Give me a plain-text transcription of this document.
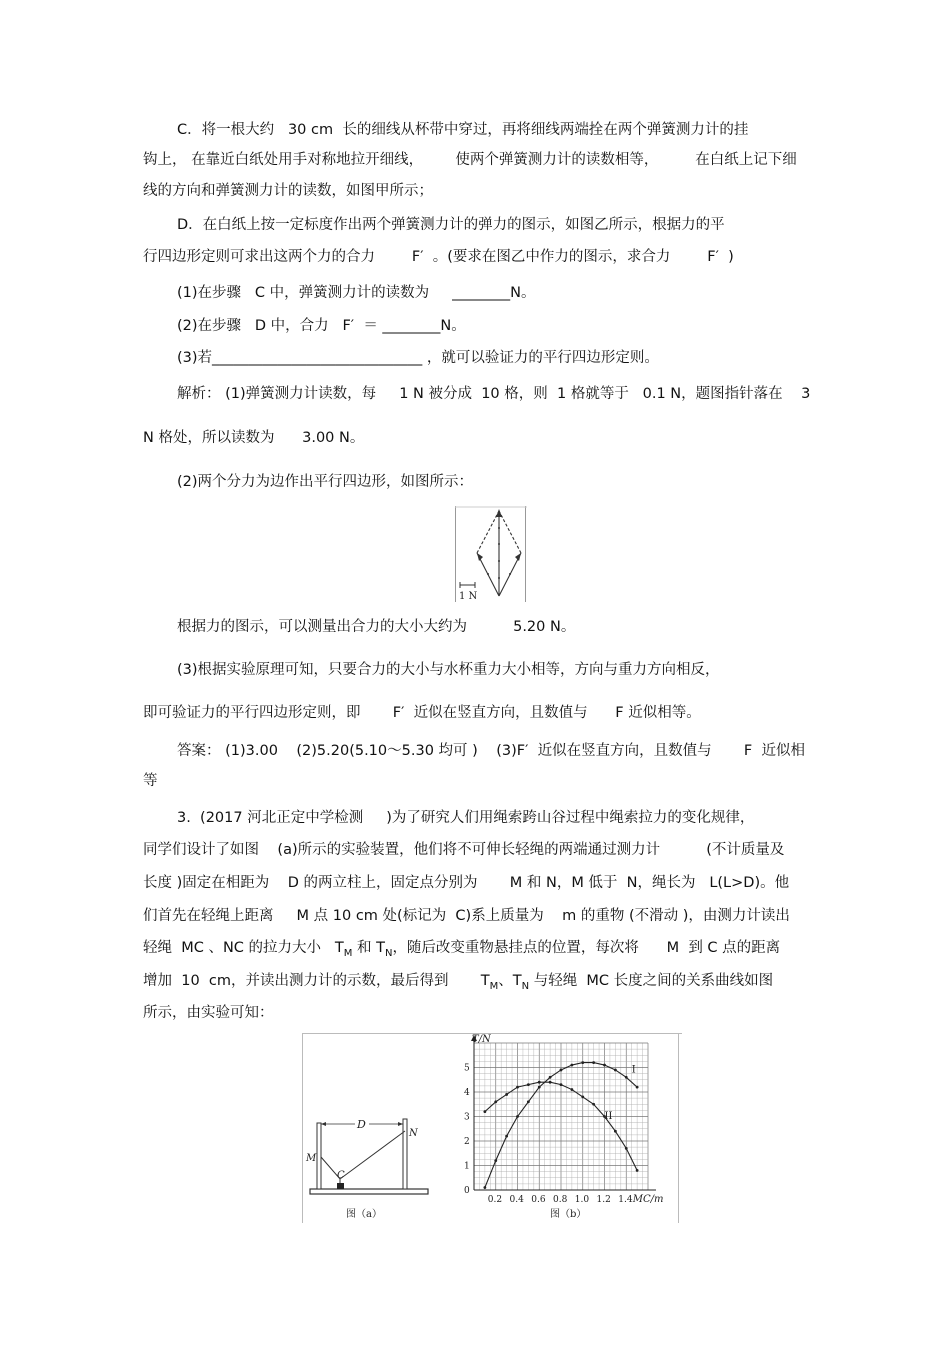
C．将一根大约   30 cm  长的细线从杯带中穿过，再将细线两端拴在两个弹簧测力计的挂
钩上， 在靠近白纸处用手对称地拉开细线，       使两个弹簧测力计的读数相等，        在白纸上记下细
线的方向和弹簧测力计的读数，如图甲所示；
D．在白纸上按一定标度作出两个弹簧测力计的弹力的图示，如图乙所示，根据力的平
行四边形定则可求出这两个力的合力        F′  。(要求在图乙中作力的图示，求合力        F′  )
(1)在步骤   C 中，弹簧测力计的读数为     ________N。
(2)在步骤   D 中，合力   F′  ＝ ________N。
(3)若_____________________________ ，就可以验证力的平行四边形定则。
解析： (1)弹簧测力计读数，每     1 N 被分成  10 格，则  1 格就等于   0.1 N，题图指针落在    3
N 格处，所以读数为      3.00 N。
(2)两个分力为边作出平行四边形，如图所示：
1 N
根据力的图示，可以测量出合力的大小大约为          5.20 N。
(3)根据实验原理可知，只要合力的大小与水杯重力大小相等，方向与重力方向相反，
即可验证力的平行四边形定则，即       F′  近似在竖直方向，且数值与      F 近似相等。
答案： (1)3.00    (2)5.20(5.10～5.30 均可 )    (3)F′  近似在竖直方向，且数值与       F  近似相
等
3.  (2017 河北正定中学检测     )为了研究人们用绳索跨山谷过程中绳索拉力的变化规律，
同学们设计了如图    (a)所示的实验装置，他们将不可伸长轻绳的两端通过测力计          (不计质量及
长度 )固定在相距为    D 的两立柱上，固定点分别为       M 和 N，M 低于  N，绳长为   L(L>D)。他
们首先在轻绳上距离     M 点 10 cm 处(标记为  C)系上质量为    m 的重物 (不滑动 )，由测力计读出
轻绳  MC 、NC 的拉力大小   $T_M$ 和 $T_N$，随后改变重物悬挂点的位置，每次将      M  到 C 点的距离
增加  10  cm，并读出测力计的示数，最后得到       $T_M$、$T_N$ 与轻绳  MC 长度之间的关系曲线如图
所示，由实验可知：
D
M
N
C
图（a）
0.2 0.4 0.6 0.8 1.0 1.2 1.4
0
1
2
3
4
5	I
II
T/N
MC/m
图（b）
